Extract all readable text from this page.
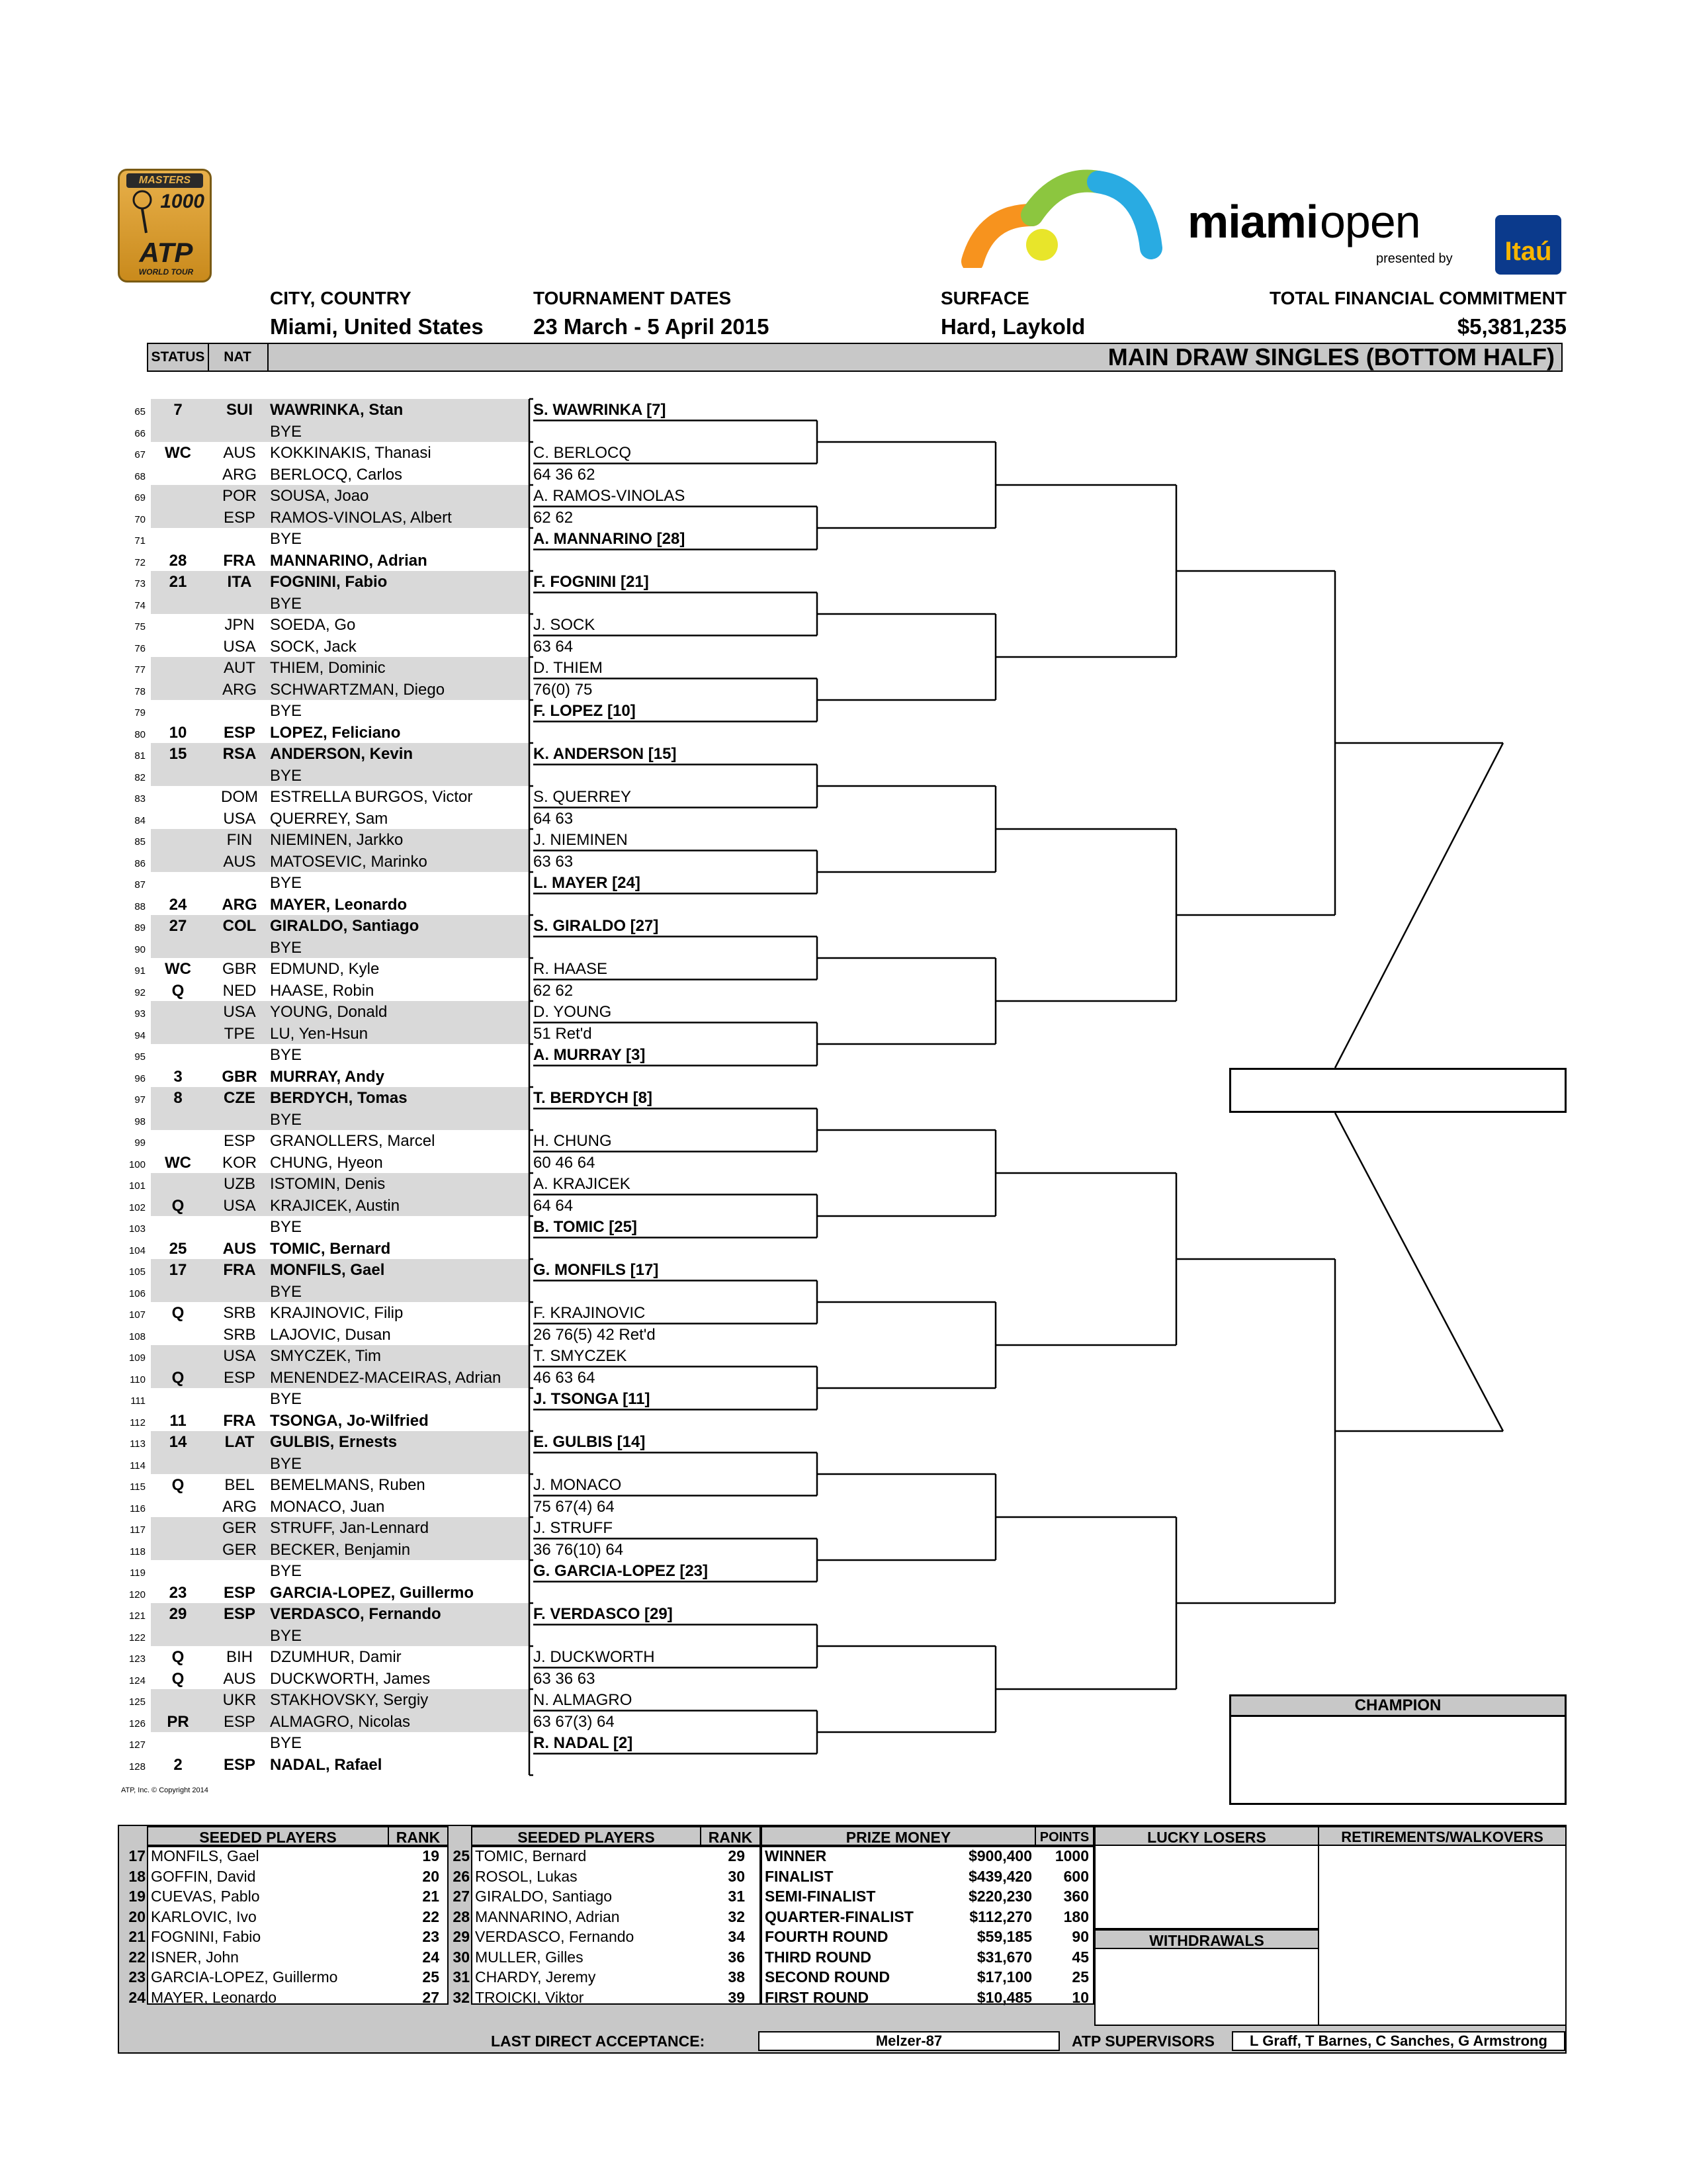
MASTERS
1000
ATP
WORLD TOUR
miami open
presented by	Itaú
CITY, COUNTRY
Miami, United States
TOURNAMENT DATES
23 March - 5 April 2015
SURFACE
Hard, Laykold
TOTAL FINANCIAL COMMITMENT
$5,381,235
STATUS	NAT	MAIN DRAW SINGLES (BOTTOM HALF)
65	7	SUI	WAWRINKA, Stan
66	BYE
67	WC	AUS KOKKINAKIS, Thanasi
68	ARG BERLOCQ, Carlos
69	POR SOUSA, Joao
70	ESP RAMOS-VINOLAS, Albert
71	BYE
72	28	FRA MANNARINO, Adrian
73	21	ITA	FOGNINI, Fabio
74	BYE
75	JPN SOEDA, Go
76	USA SOCK, Jack
77	AUT THIEM, Dominic
78	ARG SCHWARTZMAN, Diego
79	BYE
80	10	ESP LOPEZ, Feliciano
81	15	RSA ANDERSON, Kevin
82	BYE
83	DOM ESTRELLA BURGOS, Victor
84	USA QUERREY, Sam
85	FIN	NIEMINEN, Jarkko
86	AUS MATOSEVIC, Marinko
87	BYE
88	24	ARG MAYER, Leonardo
89	27	COL GIRALDO, Santiago
90	BYE
91	WC	GBR EDMUND, Kyle
92	Q	NED HAASE, Robin
93	USA YOUNG, Donald
94	TPE LU, Yen-Hsun
95	BYE
96	3	GBR MURRAY, Andy
97	8	CZE BERDYCH, Tomas
98	BYE
99	ESP GRANOLLERS, Marcel
100	WC	KOR CHUNG, Hyeon
101	UZB ISTOMIN, Denis
102	Q	USA KRAJICEK, Austin
103	BYE
104	25	AUS TOMIC, Bernard
105	17	FRA MONFILS, Gael
106	BYE
107	Q	SRB KRAJINOVIC, Filip
108	SRB LAJOVIC, Dusan
109	USA SMYCZEK, Tim
110	Q	ESP MENENDEZ-MACEIRAS, Adrian
111	BYE
112	11	FRA TSONGA, Jo-Wilfried
113	14	LAT GULBIS, Ernests
114	BYE
115	Q	BEL BEMELMANS, Ruben
116	ARG MONACO, Juan
117	GER STRUFF, Jan-Lennard
118	GER BECKER, Benjamin
119	BYE
120	23	ESP GARCIA-LOPEZ, Guillermo
121	29	ESP VERDASCO, Fernando
122	BYE
123	Q	BIH	DZUMHUR, Damir
124	Q	AUS DUCKWORTH, James
125	UKR STAKHOVSKY, Sergiy
126	PR	ESP ALMAGRO, Nicolas
127	BYE
128	2	ESP NADAL, Rafael
S. WAWRINKA [7]
C. BERLOCQ
64 36 62
A. RAMOS-VINOLAS
62 62
A. MANNARINO [28]
F. FOGNINI [21]
J. SOCK
63 64
D. THIEM
76(0) 75
F. LOPEZ [10]
K. ANDERSON [15]
S. QUERREY
64 63
J. NIEMINEN
63 63
L. MAYER [24]
S. GIRALDO [27]
R. HAASE
62 62
D. YOUNG
51 Ret'd
A. MURRAY [3]
T. BERDYCH [8]
H. CHUNG
60 46 64
A. KRAJICEK
64 64
B. TOMIC [25]
G. MONFILS [17]
F. KRAJINOVIC
26 76(5) 42 Ret'd
T. SMYCZEK
46 63 64
J. TSONGA [11]
E. GULBIS [14]
J. MONACO
75 67(4) 64
J. STRUFF
36 76(10) 64
G. GARCIA-LOPEZ [23]
F. VERDASCO [29]
J. DUCKWORTH
63 36 63
N. ALMAGRO
63 67(3) 64
R. NADAL [2]
CHAMPION
ATP, Inc. © Copyright 2014
SEEDED PLAYERS	RANK
17 MONFILS, Gael	19
18 GOFFIN, David	20
19 CUEVAS, Pablo	21
20 KARLOVIC, Ivo	22
21 FOGNINI, Fabio	23
22 ISNER, John	24
23 GARCIA-LOPEZ, Guillermo	25
24 MAYER, Leonardo	27
SEEDED PLAYERS	RANK
25 TOMIC, Bernard	29
26 ROSOL, Lukas	30
27 GIRALDO, Santiago	31
28 MANNARINO, Adrian	32
29 VERDASCO, Fernando	34
30 MULLER, Gilles	36
31 CHARDY, Jeremy	38
32 TROICKI, Viktor	39
PRIZE MONEY	POINTS
WINNER	$900,400	1000
FINALIST	$439,420	600
SEMI-FINALIST	$220,230	360
QUARTER-FINALIST	$112,270	180
FOURTH ROUND	$59,185	90
THIRD ROUND	$31,670	45
SECOND ROUND	$17,100	25
FIRST ROUND	$10,485	10
LUCKY LOSERS
WITHDRAWALS
RETIREMENTS/WALKOVERS
LAST DIRECT ACCEPTANCE:	Melzer-87	ATP SUPERVISORS	L Graff, T Barnes, C Sanches, G Armstrong
